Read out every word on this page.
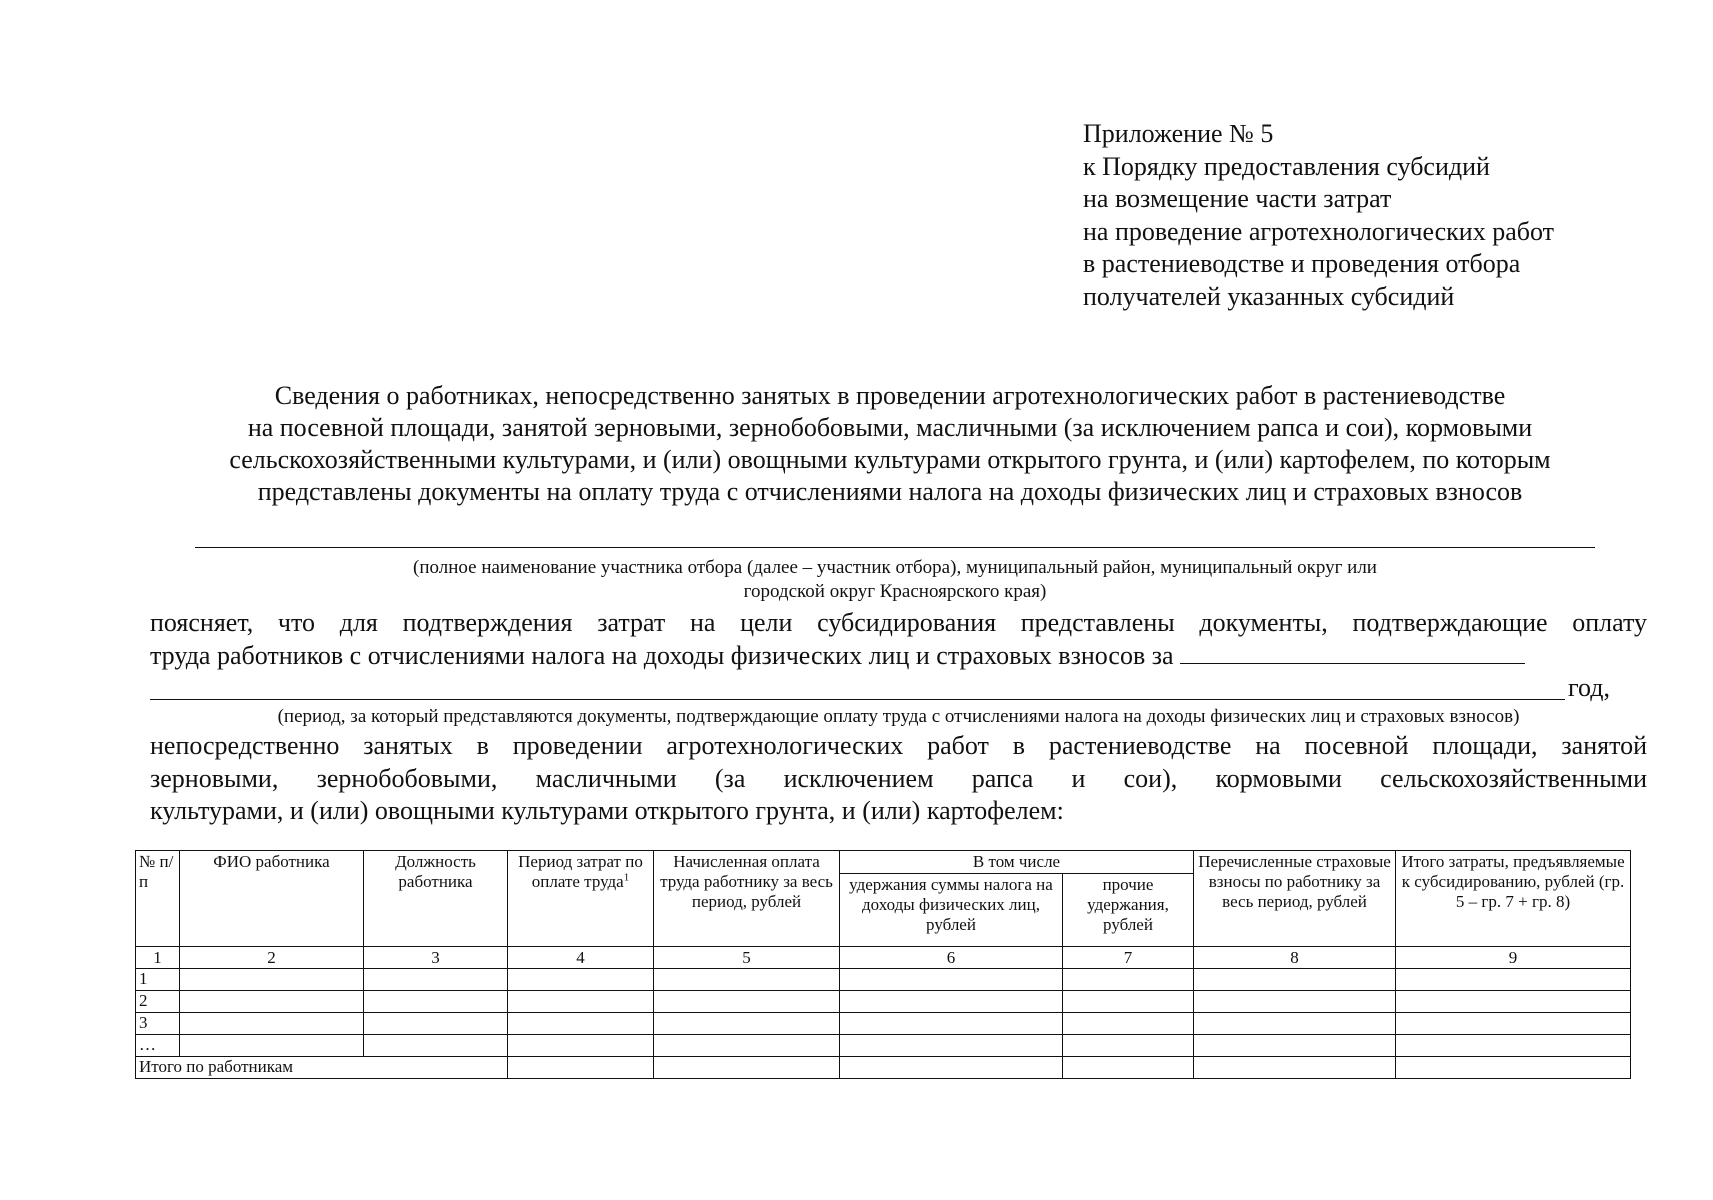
Приложение № 5
к Порядку предоставления субсидий
на возмещение части затрат
на проведение агротехнологических работ
в растениеводстве и проведения отбора
получателей указанных субсидий
Сведения о работниках, непосредственно занятых в проведении агротехнологических работ в растениеводстве
на посевной площади, занятой зерновыми, зернобобовыми, масличными (за исключением рапса и сои), кормовыми
сельскохозяйственными культурами, и (или) овощными культурами открытого грунта, и (или) картофелем, по которым
представлены документы на оплату труда с отчислениями налога на доходы физических лиц и страховых взносов
(полное наименование участника отбора (далее – участник отбора), муниципальный район, муниципальный округ или
городской округ Красноярского края)
поясняет, что для подтверждения затрат на цели субсидирования представлены документы, подтверждающие оплату
труда работников с отчислениями налога на доходы физических лиц и страховых взносов за
год,
(период, за который представляются документы, подтверждающие оплату труда с отчислениями налога на доходы физических лиц и страховых взносов)
непосредственно занятых в проведении агротехнологических работ в растениеводстве на посевной площади, занятой
зерновыми, зернобобовыми, масличными (за исключением рапса и сои), кормовыми сельскохозяйственными
культурами, и (или) овощными культурами открытого грунта, и (или) картофелем:
№ п/п	ФИО работника	Должность работника	Период затрат по оплате труда$^1$	Начисленная оплата труда работнику за весь период, рублей	В том числе		Перечисленные страховые взносы по работнику за весь период, рублей	Итого затраты, предъявляемые к субсидированию, рублей (гр. 5 – гр. 7 + гр. 8)
					удержания суммы налога на доходы физических лиц, рублей	прочие удержания, рублей		
1	2	3	4	5	6	7	8	9
1								
2								
3								
…								
Итого по работникам								
